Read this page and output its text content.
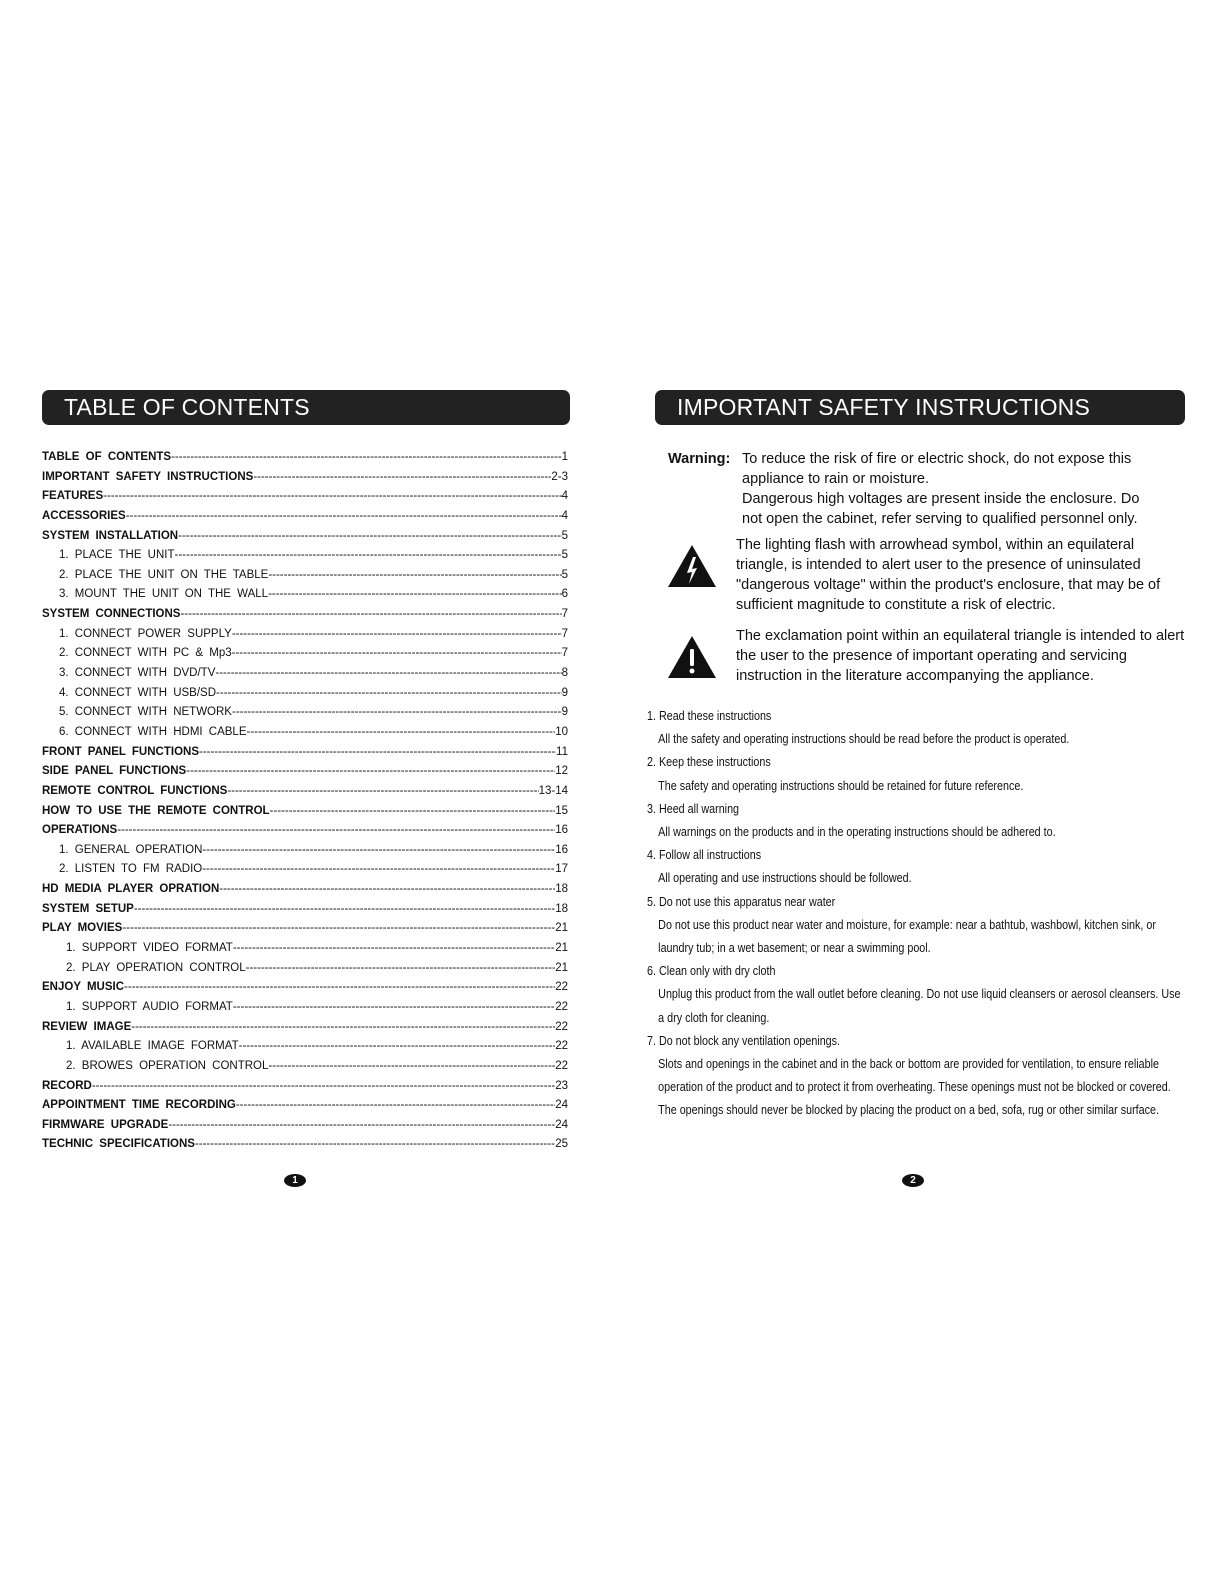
TABLE OF CONTENTS
TABLE OF CONTENTS -----	1
IMPORTANT SAFETY INSTRUCTIONS -----	2-3
FEATURES -----	4
ACCESSORIES -----	4
SYSTEM INSTALLATION -----	5
1. PLACE THE UNIT -----	5
2. PLACE THE UNIT ON THE TABLE -----	5
3. MOUNT THE UNIT ON THE WALL -----	6
SYSTEM CONNECTIONS -----	7
1. CONNECT POWER SUPPLY -----	7
2. CONNECT WITH PC & Mp3 -----	7
3. CONNECT WITH DVD/TV -----	8
4. CONNECT WITH USB/SD -----	9
5. CONNECT WITH NETWORK -----	9
6. CONNECT WITH HDMI CABLE -----	10
FRONT PANEL FUNCTIONS -----	11
SIDE PANEL FUNCTIONS -----	12
REMOTE CONTROL FUNCTIONS -----	13-14
HOW TO USE THE REMOTE CONTROL -----	15
OPERATIONS -----	16
1. GENERAL OPERATION -----	16
2. LISTEN TO FM RADIO -----	17
HD MEDIA PLAYER OPRATION -----	18
SYSTEM SETUP -----	18
PLAY MOVIES -----	21
1. SUPPORT VIDEO FORMAT -----	21
2. PLAY OPERATION CONTROL -----	21
ENJOY MUSIC -----	22
1. SUPPORT AUDIO FORMAT -----	22
REVIEW IMAGE -----	22
1. AVAILABLE IMAGE FORMAT -----	22
2. BROWES OPERATION CONTROL -----	22
RECORD -----	23
APPOINTMENT TIME RECORDING -----	24
FIRMWARE UPGRADE -----	24
TECHNIC SPECIFICATIONS -----	25
1
IMPORTANT SAFETY INSTRUCTIONS
Warning: To reduce the risk of fire or electric shock, do not expose this appliance to rain or moisture.

Dangerous high voltages are present inside the enclosure. Do not open the cabinet, refer serving to qualified personnel only.

The lighting flash with arrowhead symbol, within an equilateral triangle, is intended to alert user to the presence of uninsulated "dangerous voltage" within the product's enclosure, that may be of sufficient magnitude to constitute a risk of electric.
The exclamation point within an equilateral triangle is intended to alert the user to the presence of important operating and servicing instruction in the literature accompanying the appliance.
1. Read these instructions
All the safety and operating instructions should be read before the product is operated.
2. Keep these instructions
The safety and operating instructions should be retained for future reference.
3. Heed all warning
All warnings on the products and in the operating instructions should be adhered to.
4. Follow all instructions
All operating and use instructions should be followed.
5. Do not use this apparatus near water
Do not use this product near water and moisture, for example: near a bathtub, washbowl, kitchen sink, or laundry tub; in a wet basement; or near a swimming pool.
6. Clean only with dry cloth
Unplug this product from the wall outlet before cleaning. Do not use liquid cleansers or aerosol cleansers. Use a dry cloth for cleaning.
7. Do not block any ventilation openings.
Slots and openings in the cabinet and in the back or bottom are provided for ventilation, to ensure reliable operation of the product and to protect it from overheating. These openings must not be blocked or covered. The openings should never be blocked by placing the product on a bed, sofa, rug or other similar surface.
2
